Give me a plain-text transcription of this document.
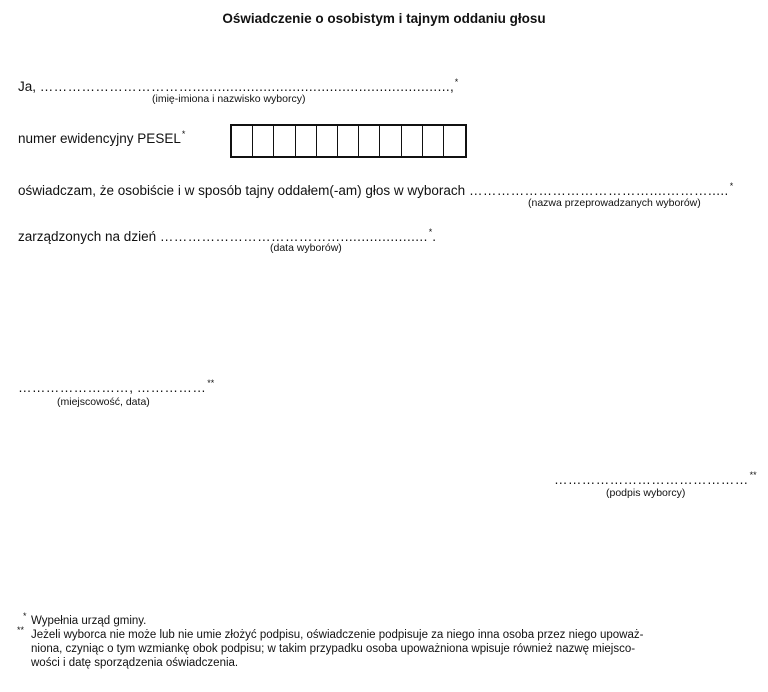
Oświadczenie o osobistym i tajnym oddaniu głosu
Ja, ……………………………..............................................................,*
(imię-imiona i nazwisko wyborcy)
numer ewidencyjny PESEL*
oświadczam, że osobiście i w sposób tajny oddałem(-am) głos w wyborach …………………………………....……….....*
(nazwa przeprowadzanych wyborów)
zarządzonych na dzień ………………………………….....................*.
(data wyborów)
……………………, ……………**
(miejscowość, data)
……………………………………**
(podpis wyborcy)
* Wypełnia urząd gminy.
** Jeżeli wyborca nie może lub nie umie złożyć podpisu, oświadczenie podpisuje za niego inna osoba przez niego upoważ-
niona, czyniąc o tym wzmiankę obok podpisu; w takim przypadku osoba upoważniona wpisuje również nazwę miejsco-
wości i datę sporządzenia oświadczenia.
